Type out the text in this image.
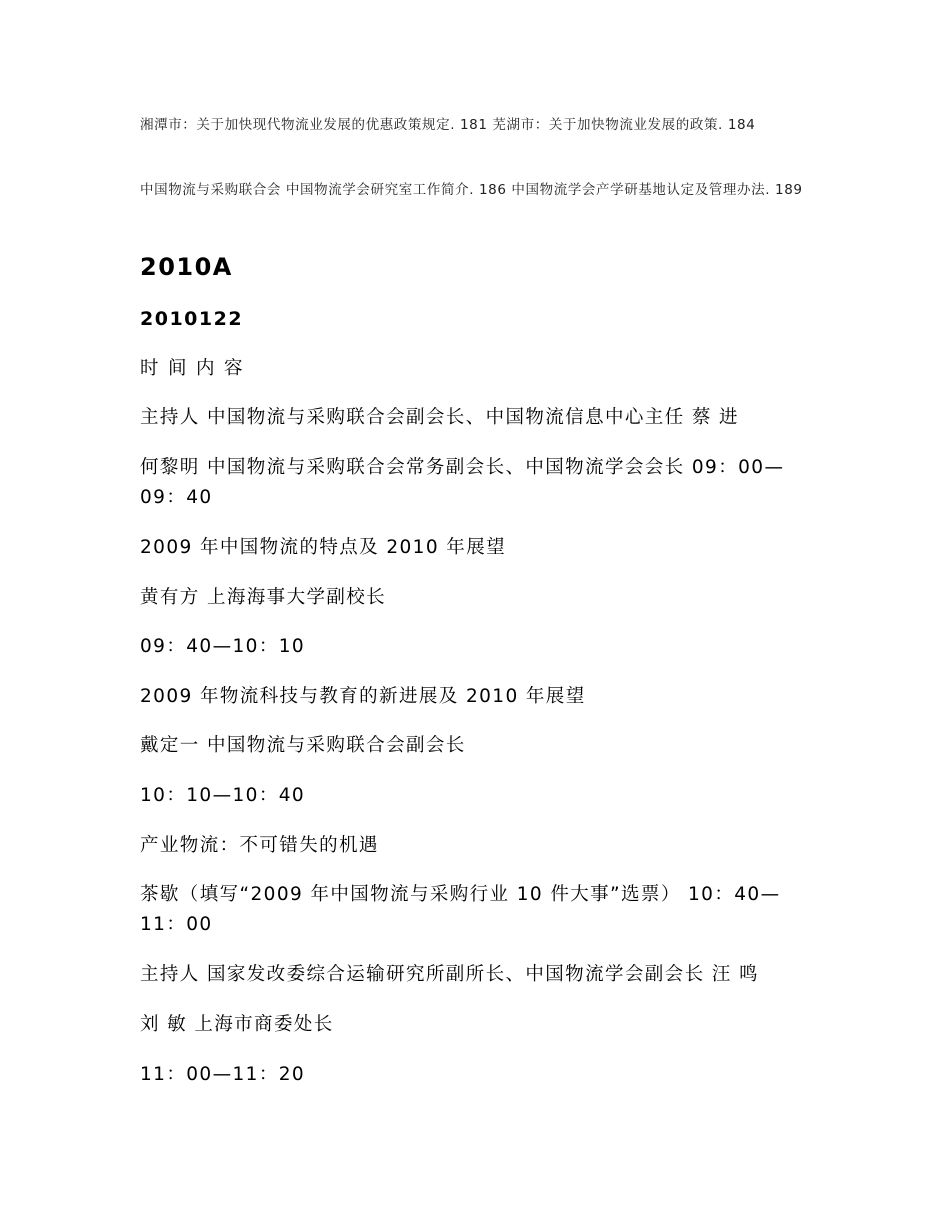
湘潭市：关于加快现代物流业发展的优惠政策规定. 181 芜湖市：关于加快物流业发展的政策. 184
中国物流与采购联合会 中国物流学会研究室工作简介. 186 中国物流学会产学研基地认定及管理办法. 189
2010A
2010122
时 间 内 容
主持人 中国物流与采购联合会副会长、中国物流信息中心主任 蔡 进
何黎明 中国物流与采购联合会常务副会长、中国物流学会会长 09：00—09：40
2009 年中国物流的特点及 2010 年展望
黄有方 上海海事大学副校长
09：40—10：10
2009 年物流科技与教育的新进展及 2010 年展望
戴定一 中国物流与采购联合会副会长
10：10—10：40
产业物流：不可错失的机遇
茶歇（填写“2009 年中国物流与采购行业 10 件大事”选票） 10：40—11：00
主持人 国家发改委综合运输研究所副所长、中国物流学会副会长 汪 鸣
刘 敏 上海市商委处长
11：00—11：20
